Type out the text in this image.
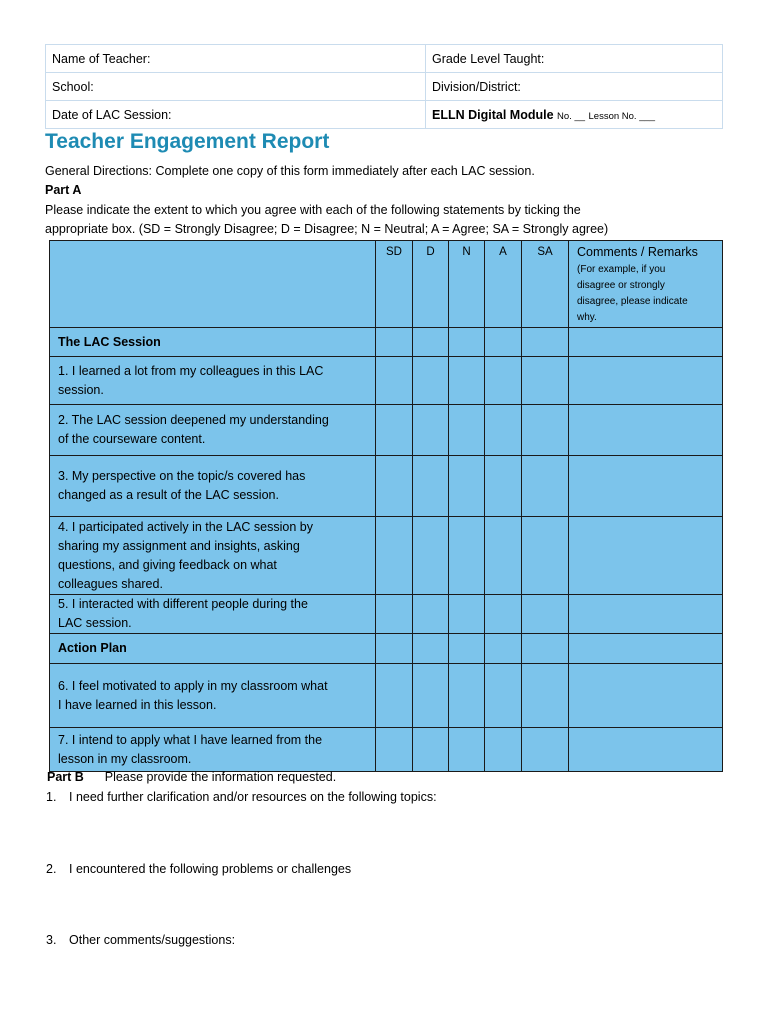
Name of Teacher:	Grade Level Taught:
School:	Division/District:
Date of LAC Session:	ELLN Digital Module No. __ Lesson No. ___
Teacher Engagement Report

General Directions: Complete one copy of this form immediately after each LAC session.

Part A

Please indicate the extent to which you agree with each of the following statements by ticking the

appropriate box. (SD = Strongly Disagree; D = Disagree; N = Neutral; A = Agree; SA = Strongly agree)

	SD	D	N	A	SA	Comments / Remarks
(For example, if you
disagree or strongly
disagree, please indicate
why.

The LAC Session						

1. I learned a lot from my colleagues in this LAC
session.						

2. The LAC session deepened my understanding
of the courseware content.						

3. My perspective on the topic/s covered has
changed as a result of the LAC session.						

4. I participated actively in the LAC session by
sharing my assignment and insights, asking
questions, and giving feedback on what
colleagues shared.						

5. I interacted with different people during the
LAC session.						

Action Plan						

6. I feel motivated to apply in my classroom what
I have learned in this lesson.						

7. I intend to apply what I have learned from the
lesson in my classroom.						

Part B Please provide the information requested.
1. I need further clarification and/or resources on the following topics:
2. I encountered the following problems or challenges
3. Other comments/suggestions:
